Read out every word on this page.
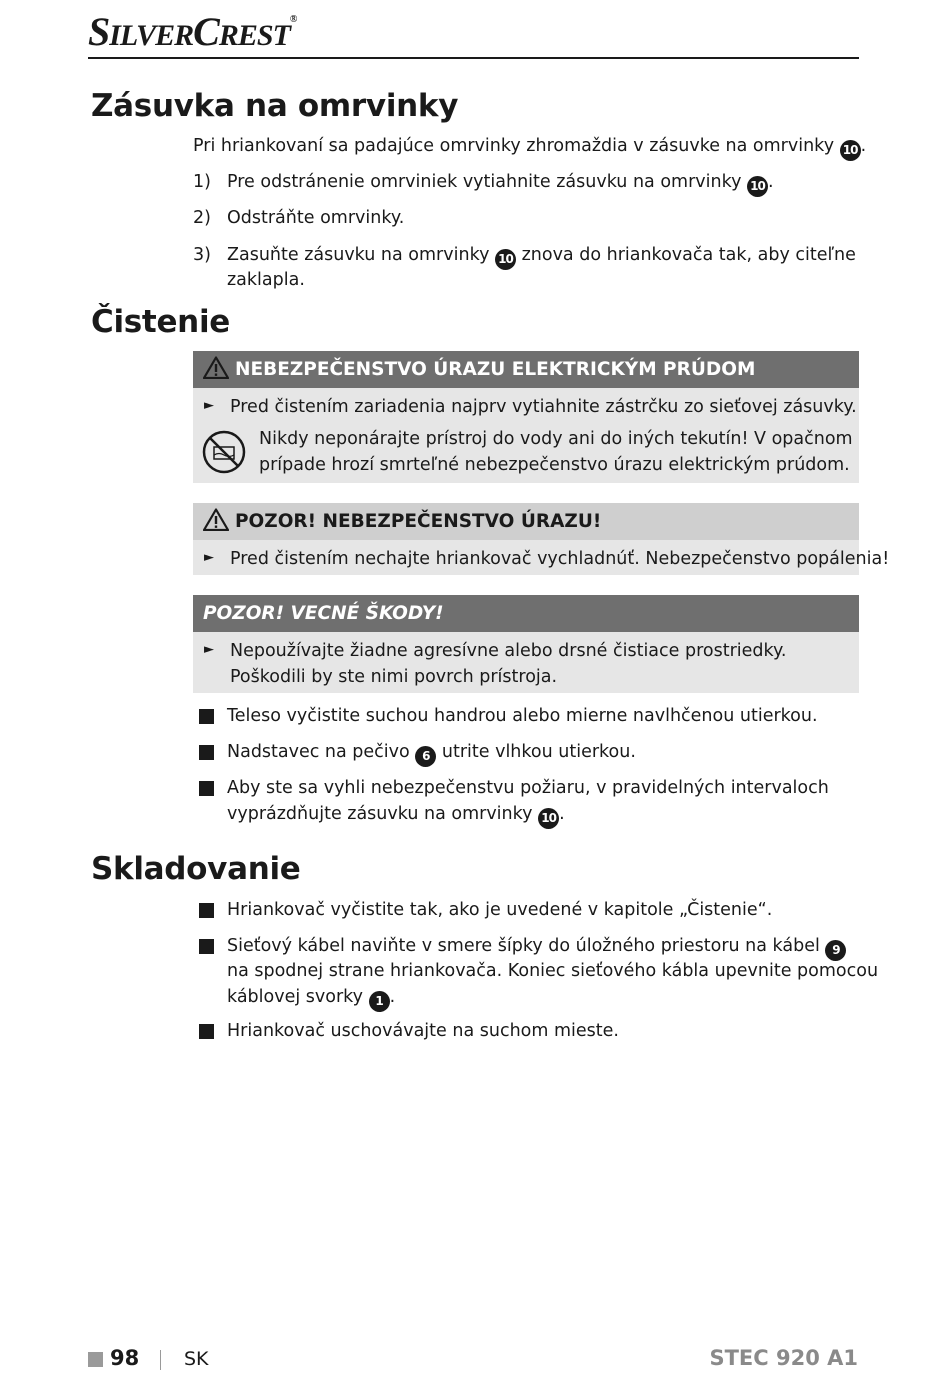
SILVERCREST®
Zásuvka na omrvinky
Pri hriankovaní sa padajúce omrvinky zhromaždia v zásuvke na omrvinky 10 .
1) Pre odstránenie omrviniek vytiahnite zásuvku na omrvinky 10 .
2) Odstráňte omrvinky.
3) Zasuňte zásuvku na omrvinky 10 znova do hriankovača tak, aby citeľne
zaklapla.
Čistenie
NEBEZPEČENSTVO ÚRAZU ELEKTRICKÝM PRÚDOM
► Pred čistením zariadenia najprv vytiahnite zástrčku zo sieťovej zásuvky.
Nikdy neponárajte prístroj do vody ani do iných tekutín! V opačnom
prípade hrozí smrteľné nebezpečenstvo úrazu elektrickým prúdom.
POZOR! NEBEZPEČENSTVO ÚRAZU!
► Pred čistením nechajte hriankovač vychladnúť. Nebezpečenstvo popálenia!
POZOR! VECNÉ ŠKODY!
► Nepoužívajte žiadne agresívne alebo drsné čistiace prostriedky.
Poškodili by ste nimi povrch prístroja.
Teleso vyčistite suchou handrou alebo mierne navlhčenou utierkou.
Nadstavec na pečivo 6 utrite vlhkou utierkou.
Aby ste sa vyhli nebezpečenstvu požiaru, v pravidelných intervaloch
vyprázdňujte zásuvku na omrvinky 10 .
Skladovanie
Hriankovač vyčistite tak, ako je uvedené v kapitole „Čistenie“.
Sieťový kábel naviňte v smere šípky do úložného priestoru na kábel 9
na spodnej strane hriankovača. Koniec sieťového kábla upevnite pomocou
káblovej svorky 1 .
Hriankovač uschovávajte na suchom mieste.
98 SK	STEC 920 A1
